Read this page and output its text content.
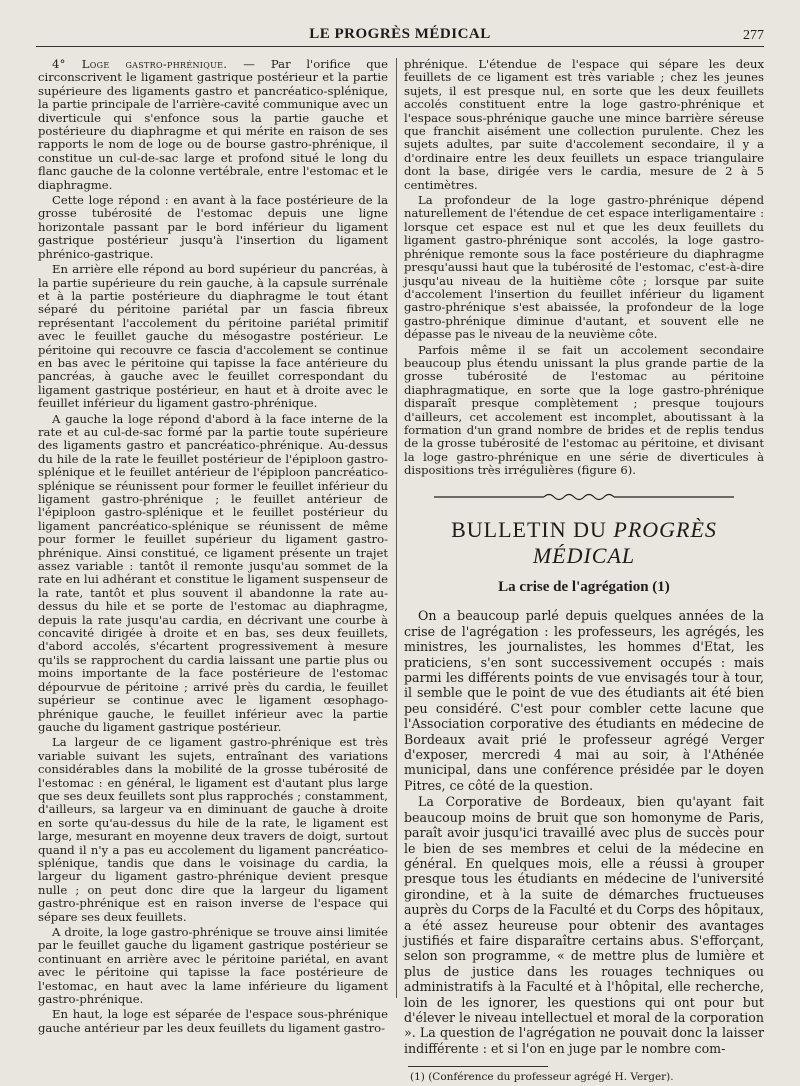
LE PROGRÈS MÉDICAL	277

4° Loge gastro-phrénique. — Par l'orifice que circonscrivent le ligament gastrique postérieur et la partie supérieure des ligaments gastro et pancréatico-splénique, la partie principale de l'arrière-cavité communique avec un diverticule qui s'enfonce sous la partie gauche et postérieure du diaphragme et qui mérite en raison de ses rapports le nom de loge ou de bourse gastro-phrénique, il constitue un cul-de-sac large et profond situé le long du flanc gauche de la colonne vertébrale, entre l'estomac et le diaphragme.

Cette loge répond : en avant à la face postérieure de la grosse tubérosité de l'estomac depuis une ligne horizontale passant par le bord inférieur du ligament gastrique postérieur jusqu'à l'insertion du ligament phrénico-gastrique.

En arrière elle répond au bord supérieur du pancréas, à la partie supérieure du rein gauche, à la capsule surrénale et à la partie postérieure du diaphragme le tout étant séparé du péritoine pariétal par un fascia fibreux représentant l'accolement du péritoine pariétal primitif avec le feuillet gauche du mésogastre postérieur. Le péritoine qui recouvre ce fascia d'accolement se continue en bas avec le péritoine qui tapisse la face antérieure du pancréas, à gauche avec le feuillet correspondant du ligament gastrique postérieur, en haut et à droite avec le feuillet inférieur du ligament gastro-phrénique.

A gauche la loge répond d'abord à la face interne de la rate et au cul-de-sac formé par la partie toute supérieure des ligaments gastro et pancréatico-phrénique. Au-dessus du hile de la rate le feuillet postérieur de l'épiploon gastro-splénique et le feuillet antérieur de l'épiploon pancréatico-splénique se réunissent pour former le feuillet inférieur du ligament gastro-phrénique ; le feuillet antérieur de l'épiploon gastro-splénique et le feuillet postérieur du ligament pancréatico-splénique se réunissent de même pour former le feuillet supérieur du ligament gastro-phrénique. Ainsi constitué, ce ligament présente un trajet assez variable : tantôt il remonte jusqu'au sommet de la rate en lui adhérant et constitue le ligament suspenseur de la rate, tantôt et plus souvent il abandonne la rate au-dessus du hile et se porte de l'estomac au diaphragme, depuis la rate jusqu'au cardia, en décrivant une courbe à concavité dirigée à droite et en bas, ses deux feuillets, d'abord accolés, s'écartent progressivement à mesure qu'ils se rapprochent du cardia laissant une partie plus ou moins importante de la face postérieure de l'estomac dépourvue de péritoine ; arrivé près du cardia, le feuillet supérieur se continue avec le ligament œsophago-phrénique gauche, le feuillet inférieur avec la partie gauche du ligament gastrique postérieur.

La largeur de ce ligament gastro-phrénique est très variable suivant les sujets, entraînant des variations considérables dans la mobilité de la grosse tubérosité de l'estomac : en général, le ligament est d'autant plus large que ses deux feuillets sont plus rapprochés ; constamment, d'ailleurs, sa largeur va en diminuant de gauche à droite en sorte qu'au-dessus du hile de la rate, le ligament est large, mesurant en moyenne deux travers de doigt, surtout quand il n'y a pas eu accolement du ligament pancréatico-splénique, tandis que dans le voisinage du cardia, la largeur du ligament gastro-phrénique devient presque nulle ; on peut donc dire que la largeur du ligament gastro-phrénique est en raison inverse de l'espace qui sépare ses deux feuillets.

A droite, la loge gastro-phrénique se trouve ainsi limitée par le feuillet gauche du ligament gastrique postérieur se continuant en arrière avec le péritoine pariétal, en avant avec le péritoine qui tapisse la face postérieure de l'estomac, en haut avec la lame inférieure du ligament gastro-phrénique.

En haut, la loge est séparée de l'espace sous-phrénique gauche antérieur par les deux feuillets du ligament gastro-

phrénique. L'étendue de l'espace qui sépare les deux feuillets de ce ligament est très variable ; chez les jeunes sujets, il est presque nul, en sorte que les deux feuillets accolés constituent entre la loge gastro-phrénique et l'espace sous-phrénique gauche une mince barrière séreuse que franchit aisément une collection purulente. Chez les sujets adultes, par suite d'accolement secondaire, il y a d'ordinaire entre les deux feuillets un espace triangulaire dont la base, dirigée vers le cardia, mesure de 2 à 5 centimètres.

La profondeur de la loge gastro-phrénique dépend naturellement de l'étendue de cet espace interligamentaire : lorsque cet espace est nul et que les deux feuillets du ligament gastro-phrénique sont accolés, la loge gastro-phrénique remonte sous la face postérieure du diaphragme presqu'aussi haut que la tubérosité de l'estomac, c'est-à-dire jusqu'au niveau de la huitième côte ; lorsque par suite d'accolement l'insertion du feuillet inférieur du ligament gastro-phrénique s'est abaissée, la profondeur de la loge gastro-phrénique diminue d'autant, et souvent elle ne dépasse pas le niveau de la neuvième côte.

Parfois même il se fait un accolement secondaire beaucoup plus étendu unissant la plus grande partie de la grosse tubérosité de l'estomac au péritoine diaphragmatique, en sorte que la loge gastro-phrénique disparaît presque complètement ; presque toujours d'ailleurs, cet accolement est incomplet, aboutissant à la formation d'un grand nombre de brides et de replis tendus de la grosse tubérosité de l'estomac au péritoine, et divisant la loge gastro-phrénique en une série de diverticules à dispositions très irrégulières (figure 6).

BULLETIN DU PROGRÈS MÉDICAL
La crise de l'agrégation (1)

On a beaucoup parlé depuis quelques années de la crise de l'agrégation : les professeurs, les agrégés, les ministres, les journalistes, les hommes d'Etat, les praticiens, s'en sont successivement occupés : mais parmi les différents points de vue envisagés tour à tour, il semble que le point de vue des étudiants ait été bien peu considéré. C'est pour combler cette lacune que l'Association corporative des étudiants en médecine de Bordeaux avait prié le professeur agrégé Verger d'exposer, mercredi 4 mai au soir, à l'Athénée municipal, dans une conférence présidée par le doyen Pitres, ce côté de la question.

La Corporative de Bordeaux, bien qu'ayant fait beaucoup moins de bruit que son homonyme de Paris, paraît avoir jusqu'ici travaillé avec plus de succès pour le bien de ses membres et celui de la médecine en général. En quelques mois, elle a réussi à grouper presque tous les étudiants en médecine de l'université girondine, et à la suite de démarches fructueuses auprès du Corps de la Faculté et du Corps des hôpitaux, a été assez heureuse pour obtenir des avantages justifiés et faire disparaître certains abus. S'efforçant, selon son programme, « de mettre plus de lumière et plus de justice dans les rouages techniques ou administratifs à la Faculté et à l'hôpital, elle recherche, loin de les ignorer, les questions qui ont pour but d'élever le niveau intellectuel et moral de la corporation ». La question de l'agrégation ne pouvait donc la laisser indifférente : et si l'on en juge par le nombre com-

(1) (Conférence du professeur agrégé H. Verger).
